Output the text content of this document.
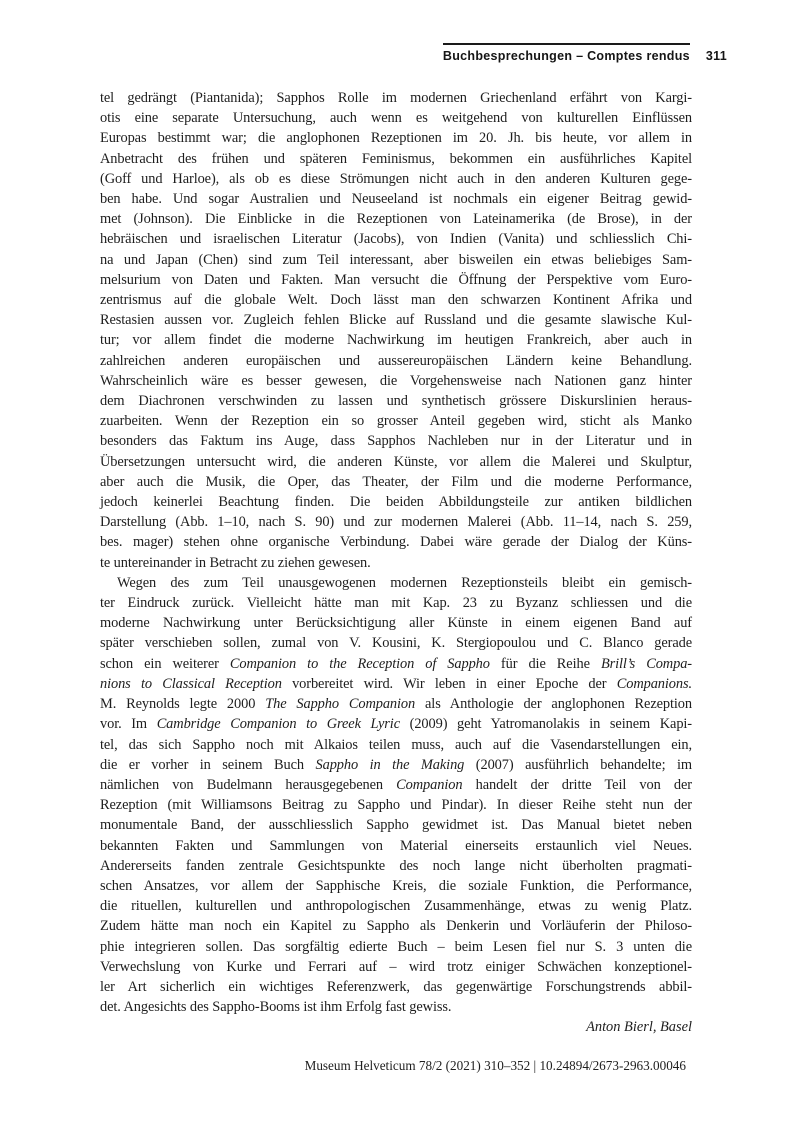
Buchbesprechungen – Comptes rendus 311
tel gedrängt (Piantanida); Sapphos Rolle im modernen Griechenland erfährt von Kargi-
otis eine separate Untersuchung, auch wenn es weitgehend von kulturellen Einflüssen
Europas bestimmt war; die anglophonen Rezeptionen im 20. Jh. bis heute, vor allem in
Anbetracht des frühen und späteren Feminismus, bekommen ein ausführliches Kapitel
(Goff und Harloe), als ob es diese Strömungen nicht auch in den anderen Kulturen gege-
ben habe. Und sogar Australien und Neuseeland ist nochmals ein eigener Beitrag gewid-
met (Johnson). Die Einblicke in die Rezeptionen von Lateinamerika (de Brose), in der
hebräischen und israelischen Literatur (Jacobs), von Indien (Vanita) und schliesslich Chi-
na und Japan (Chen) sind zum Teil interessant, aber bisweilen ein etwas beliebiges Sam-
melsurium von Daten und Fakten. Man versucht die Öffnung der Perspektive vom Euro-
zentrismus auf die globale Welt. Doch lässt man den schwarzen Kontinent Afrika und
Restasien aussen vor. Zugleich fehlen Blicke auf Russland und die gesamte slawische Kul-
tur; vor allem findet die moderne Nachwirkung im heutigen Frankreich, aber auch in
zahlreichen anderen europäischen und aussereuropäischen Ländern keine Behandlung.
Wahrscheinlich wäre es besser gewesen, die Vorgehensweise nach Nationen ganz hinter
dem Diachronen verschwinden zu lassen und synthetisch grössere Diskurslinien heraus-
zuarbeiten. Wenn der Rezeption ein so grosser Anteil gegeben wird, sticht als Manko
besonders das Faktum ins Auge, dass Sapphos Nachleben nur in der Literatur und in
Übersetzungen untersucht wird, die anderen Künste, vor allem die Malerei und Skulptur,
aber auch die Musik, die Oper, das Theater, der Film und die moderne Performance,
jedoch keinerlei Beachtung finden. Die beiden Abbildungsteile zur antiken bildlichen
Darstellung (Abb. 1–10, nach S. 90) und zur modernen Malerei (Abb. 11–14, nach S. 259,
bes. mager) stehen ohne organische Verbindung. Dabei wäre gerade der Dialog der Küns-
te untereinander in Betracht zu ziehen gewesen.
Wegen des zum Teil unausgewogenen modernen Rezeptionsteils bleibt ein gemisch-
ter Eindruck zurück. Vielleicht hätte man mit Kap. 23 zu Byzanz schliessen und die
moderne Nachwirkung unter Berücksichtigung aller Künste in einem eigenen Band auf
später verschieben sollen, zumal von V. Kousini, K. Stergiopoulou und C. Blanco gerade
schon ein weiterer Companion to the Reception of Sappho für die Reihe Brill’s Compa-
nions to Classical Reception vorbereitet wird. Wir leben in einer Epoche der Companions.
M. Reynolds legte 2000 The Sappho Companion als Anthologie der anglophonen Rezeption
vor. Im Cambridge Companion to Greek Lyric (2009) geht Yatromanolakis in seinem Kapi-
tel, das sich Sappho noch mit Alkaios teilen muss, auch auf die Vasendarstellungen ein,
die er vorher in seinem Buch Sappho in the Making (2007) ausführlich behandelte; im
nämlichen von Budelmann herausgegebenen Companion handelt der dritte Teil von der
Rezeption (mit Williamsons Beitrag zu Sappho und Pindar). In dieser Reihe steht nun der
monumentale Band, der ausschliesslich Sappho gewidmet ist. Das Manual bietet neben
bekannten Fakten und Sammlungen von Material einerseits erstaunlich viel Neues.
Andererseits fanden zentrale Gesichtspunkte des noch lange nicht überholten pragmati-
schen Ansatzes, vor allem der Sapphische Kreis, die soziale Funktion, die Performance,
die rituellen, kulturellen und anthropologischen Zusammenhänge, etwas zu wenig Platz.
Zudem hätte man noch ein Kapitel zu Sappho als Denkerin und Vorläuferin der Philoso-
phie integrieren sollen. Das sorgfältig edierte Buch – beim Lesen fiel nur S. 3 unten die
Verwechslung von Kurke und Ferrari auf – wird trotz einiger Schwächen konzeptionel-
ler Art sicherlich ein wichtiges Referenzwerk, das gegenwärtige Forschungstrends abbil-
det. Angesichts des Sappho-Booms ist ihm Erfolg fast gewiss.
Anton Bierl, Basel
Museum Helveticum 78/2 (2021) 310–352 | 10.24894/2673-2963.00046
